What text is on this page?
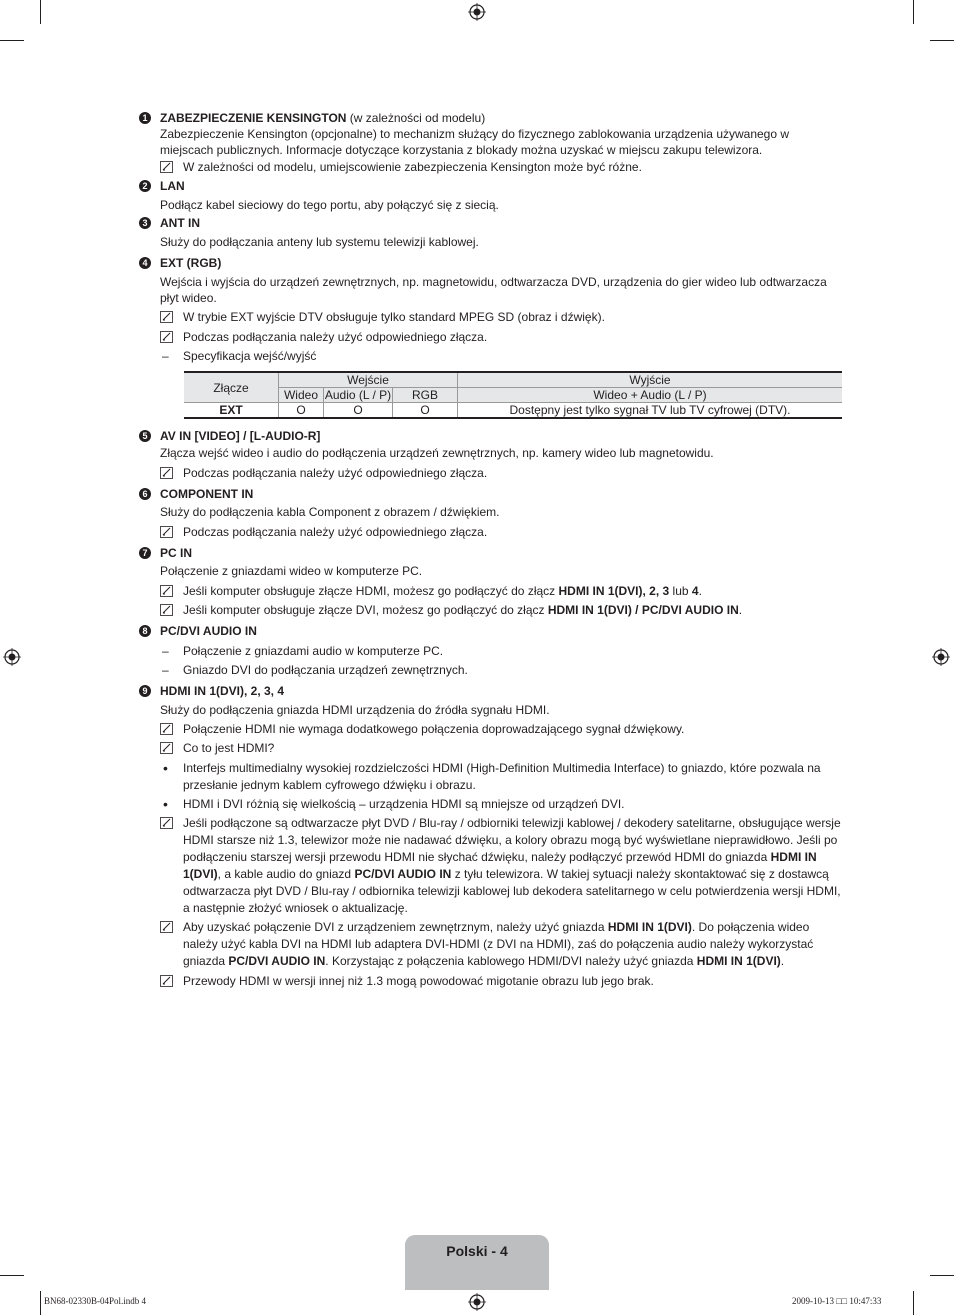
1 ZABEZPIECZENIE KENSINGTON (w zależności od modelu)
Zabezpieczenie Kensington (opcjonalne) to mechanizm służący do fizycznego zablokowania urządzenia używanego w
miejscach publicznych. Informacje dotyczące korzystania z blokady można uzyskać w miejscu zakupu telewizora.
W zależności od modelu, umiejscowienie zabezpieczenia Kensington może być różne.
2 LAN
Podłącz kabel sieciowy do tego portu, aby połączyć się z siecią.
3 ANT IN
Służy do podłączania anteny lub systemu telewizji kablowej.
4 EXT (RGB)
Wejścia i wyjścia do urządzeń zewnętrznych, np. magnetowidu, odtwarzacza DVD, urządzenia do gier wideo lub odtwarzacza
płyt wideo.
W trybie EXT wyjście DTV obsługuje tylko standard MPEG SD (obraz i dźwięk).
Podczas podłączania należy użyć odpowiedniego złącza.
– Specyfikacja wejść/wyjść
Złącze	Wejście			Wyjście
	Wideo	Audio (L / P)	RGB	Wideo + Audio (L / P)
EXT	O	O	O	Dostępny jest tylko sygnał TV lub TV cyfrowej (DTV).
5 AV IN [VIDEO] / [L-AUDIO-R]
Złącza wejść wideo i audio do podłączenia urządzeń zewnętrznych, np. kamery wideo lub magnetowidu.
Podczas podłączania należy użyć odpowiedniego złącza.
6 COMPONENT IN
Służy do podłączenia kabla Component z obrazem / dźwiękiem.
Podczas podłączania należy użyć odpowiedniego złącza.
7 PC IN
Połączenie z gniazdami wideo w komputerze PC.
Jeśli komputer obsługuje złącze HDMI, możesz go podłączyć do złącz HDMI IN 1(DVI), 2, 3 lub 4.
Jeśli komputer obsługuje złącze DVI, możesz go podłączyć do złącz HDMI IN 1(DVI) / PC/DVI AUDIO IN.
8 PC/DVI AUDIO IN
– Połączenie z gniazdami audio w komputerze PC.
– Gniazdo DVI do podłączania urządzeń zewnętrznych.
9 HDMI IN 1(DVI), 2, 3, 4
Służy do podłączenia gniazda HDMI urządzenia do źródła sygnału HDMI.
Połączenie HDMI nie wymaga dodatkowego połączenia doprowadzającego sygnał dźwiękowy.
Co to jest HDMI?
• Interfejs multimedialny wysokiej rozdzielczości HDMI (High-Definition Multimedia Interface) to gniazdo, które pozwala na przesłanie jednym kablem cyfrowego dźwięku i obrazu.
• HDMI i DVI różnią się wielkością – urządzenia HDMI są mniejsze od urządzeń DVI.
Jeśli podłączone są odtwarzacze płyt DVD / Blu-ray / odbiorniki telewizji kablowej / dekodery satelitarne, obsługujące wersje HDMI starsze niż 1.3, telewizor może nie nadawać dźwięku, a kolory obrazu mogą być wyświetlane nieprawidłowo. Jeśli po podłączeniu starszej wersji przewodu HDMI nie słychać dźwięku, należy podłączyć przewód HDMI do gniazda HDMI IN 1(DVI), a kable audio do gniazd PC/DVI AUDIO IN z tyłu telewizora. W takiej sytuacji należy skontaktować się z dostawcą odtwarzacza płyt DVD / Blu-ray / odbiornika telewizji kablowej lub dekodera satelitarnego w celu potwierdzenia wersji HDMI, a następnie złożyć wniosek o aktualizację.
Aby uzyskać połączenie DVI z urządzeniem zewnętrznym, należy użyć gniazda HDMI IN 1(DVI). Do połączenia wideo należy użyć kabla DVI na HDMI lub adaptera DVI-HDMI (z DVI na HDMI), zaś do połączenia audio należy wykorzystać gniazda PC/DVI AUDIO IN. Korzystając z połączenia kablowego HDMI/DVI należy użyć gniazda HDMI IN 1(DVI).
Przewody HDMI w wersji innej niż 1.3 mogą powodować migotanie obrazu lub jego brak.
Polski - 4
BN68-02330B-04Pol.indb 4	2009-10-13 □□ 10:47:33
